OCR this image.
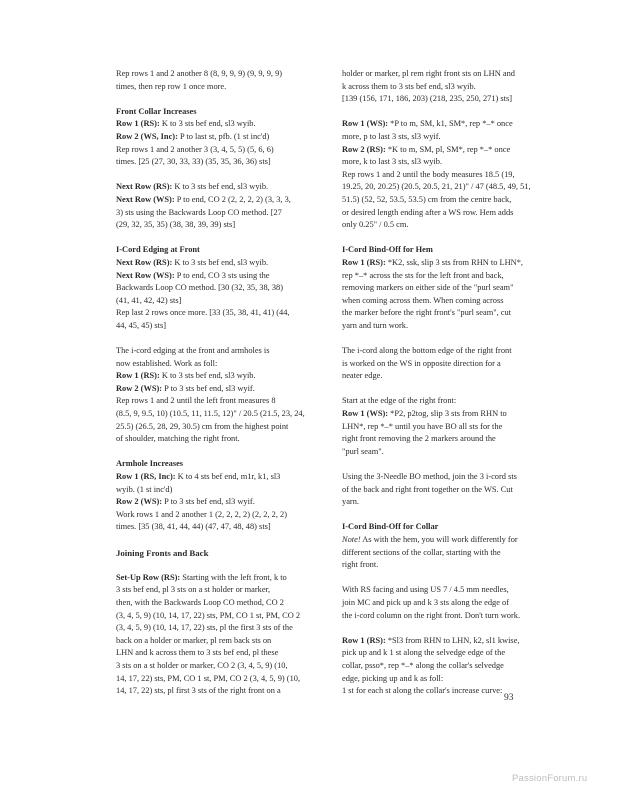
Rep rows 1 and 2 another 8 (8, 9, 9, 9) (9, 9, 9, 9)
times, then rep row 1 once more.
Front Collar Increases
Row 1 (RS): K to 3 sts bef end, sl3 wyib.
Row 2 (WS, Inc): P to last st, pfb. (1 st inc'd)
Rep rows 1 and 2 another 3 (3, 4, 5, 5) (5, 6, 6)
times. [25 (27, 30, 33, 33) (35, 35, 36, 36) sts]
Next Row (RS): K to 3 sts bef end, sl3 wyib.
Next Row (WS): P to end, CO 2 (2, 2, 2, 2) (3, 3, 3,
3) sts using the Backwards Loop CO method. [27
(29, 32, 35, 35) (38, 38, 39, 39) sts]
I-Cord Edging at Front
Next Row (RS): K to 3 sts bef end, sl3 wyib.
Next Row (WS): P to end, CO 3 sts using the
Backwards Loop CO method. [30 (32, 35, 38, 38)
(41, 41, 42, 42) sts]
Rep last 2 rows once more. [33 (35, 38, 41, 41) (44,
44, 45, 45) sts]
The i-cord edging at the front and armholes is
now established. Work as foll:
Row 1 (RS): K to 3 sts bef end, sl3 wyib.
Row 2 (WS): P to 3 sts bef end, sl3 wyif.
Rep rows 1 and 2 until the left front measures 8
(8.5, 9, 9.5, 10) (10.5, 11, 11.5, 12)" / 20.5 (21.5, 23, 24,
25.5) (26.5, 28, 29, 30.5) cm from the highest point
of shoulder, matching the right front.
Armhole Increases
Row 1 (RS, Inc): K to 4 sts bef end, m1r, k1, sl3
wyib. (1 st inc'd)
Row 2 (WS): P to 3 sts bef end, sl3 wyif.
Work rows 1 and 2 another 1 (2, 2, 2, 2) (2, 2, 2, 2)
times. [35 (38, 41, 44, 44) (47, 47, 48, 48) sts]
Joining Fronts and Back
Set-Up Row (RS): Starting with the left front, k to
3 sts bef end, pl 3 sts on a st holder or marker,
then, with the Backwards Loop CO method, CO 2
(3, 4, 5, 9) (10, 14, 17, 22) sts, PM, CO 1 st, PM, CO 2
(3, 4, 5, 9) (10, 14, 17, 22) sts, pl the first 3 sts of the
back on a holder or marker, pl rem back sts on
LHN and k across them to 3 sts bef end, pl these
3 sts on a st holder or marker, CO 2 (3, 4, 5, 9) (10,
14, 17, 22) sts, PM, CO 1 st, PM, CO 2 (3, 4, 5, 9) (10,
14, 17, 22) sts, pl first 3 sts of the right front on a
holder or marker, pl rem right front sts on LHN and
k across them to 3 sts bef end, sl3 wyib.
[139 (156, 171, 186, 203) (218, 235, 250, 271) sts]
Row 1 (WS): *P to m, SM, k1, SM*, rep *–* once
more, p to last 3 sts, sl3 wyif.
Row 2 (RS): *K to m, SM, pl, SM*, rep *–* once
more, k to last 3 sts, sl3 wyib.
Rep rows 1 and 2 until the body measures 18.5 (19,
19.25, 20, 20.25) (20.5, 20.5, 21, 21)" / 47 (48.5, 49, 51,
51.5) (52, 52, 53.5, 53.5) cm from the centre back,
or desired length ending after a WS row. Hem adds
only 0.25" / 0.5 cm.
I-Cord Bind-Off for Hem
Row 1 (RS): *K2, ssk, slip 3 sts from RHN to LHN*,
rep *–* across the sts for the left front and back,
removing markers on either side of the "purl seam"
when coming across them. When coming across
the marker before the right front's "purl seam", cut
yarn and turn work.
The i-cord along the bottom edge of the right front
is worked on the WS in opposite direction for a
neater edge.
Start at the edge of the right front:
Row 1 (WS): *P2, p2tog, slip 3 sts from RHN to
LHN*, rep *–* until you have BO all sts for the
right front removing the 2 markers around the
"purl seam".
Using the 3-Needle BO method, join the 3 i-cord sts
of the back and right front together on the WS. Cut
yarn.
I-Cord Bind-Off for Collar
Note! As with the hem, you will work differently for
different sections of the collar, starting with the
right front.
With RS facing and using US 7 / 4.5 mm needles,
join MC and pick up and k 3 sts along the edge of
the i-cord column on the right front. Don't turn work.
Row 1 (RS): *Sl3 from RHN to LHN, k2, sl1 kwise,
pick up and k 1 st along the selvedge edge of the
collar, psso*, rep *–* along the collar's selvedge
edge, picking up and k as foll:
1 st for each st along the collar's increase curve:
93
PassionForum.ru
